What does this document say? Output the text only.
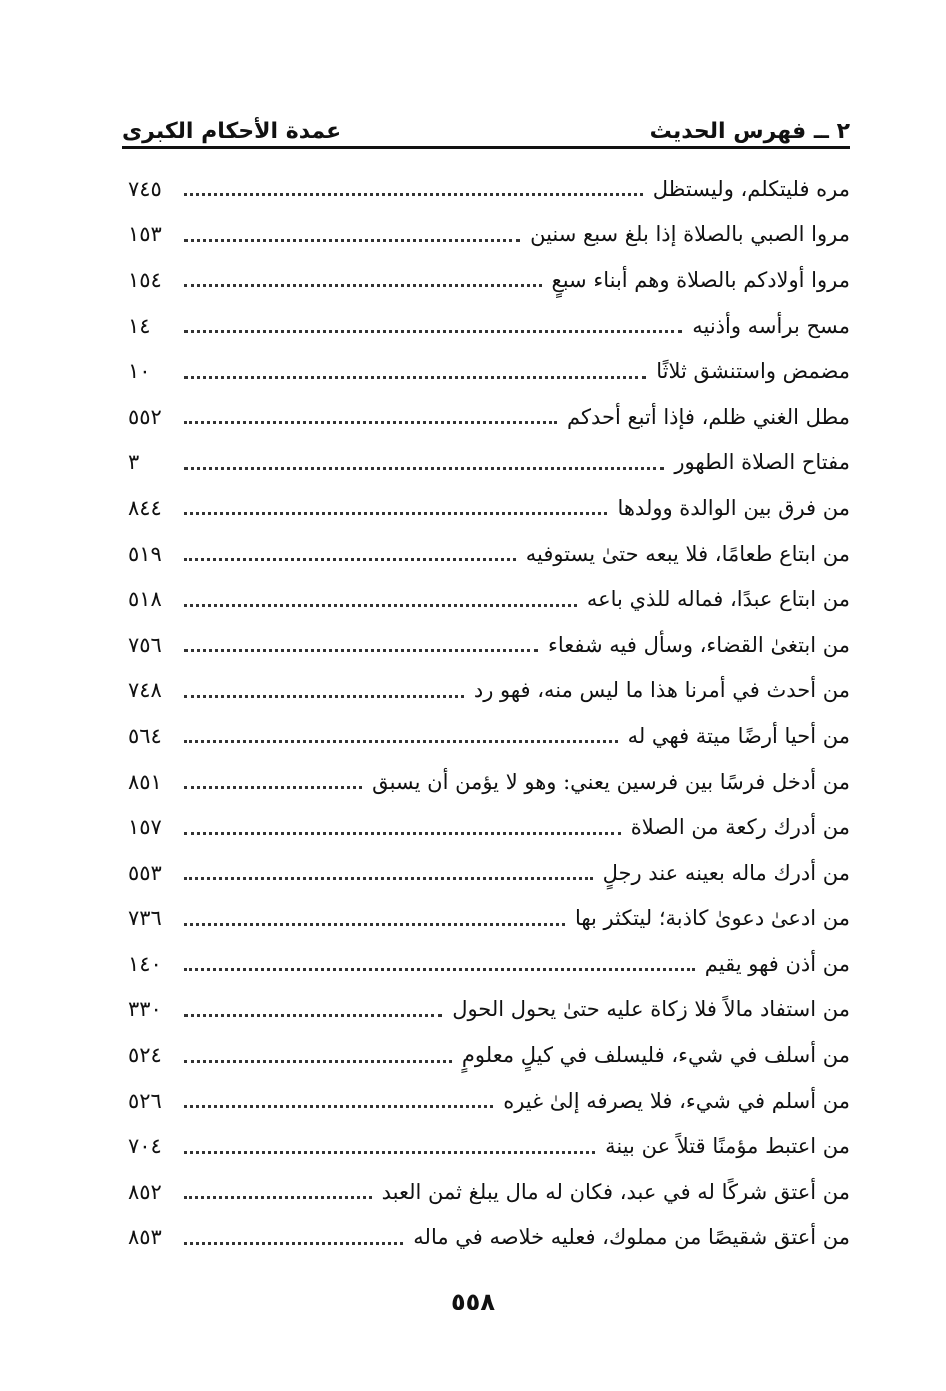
٢ ــ فهرس الحديث
عمدة الأحكام الكبرى
مره فليتكلم، وليستظل
٧٤٥
مروا الصبي بالصلاة إذا بلغ سبع سنين
١٥٣
مروا أولادكم بالصلاة وهم أبناء سبعٍ
١٥٤
مسح برأسه وأذنيه
١٤
مضمض واستنشق ثلاثًا
١٠
مطل الغني ظلم، فإذا أتبع أحدكم
٥٥٢
مفتاح الصلاة الطهور
٣
من فرق بين الوالدة وولدها
٨٤٤
من ابتاع طعامًا، فلا يبعه حتىٰ يستوفيه
٥١٩
من ابتاع عبدًا، فماله للذي باعه
٥١٨
من ابتغىٰ القضاء، وسأل فيه شفعاء
٧٥٦
من أحدث في أمرنا هذا ما ليس منه، فهو رد
٧٤٨
من أحيا أرضًا ميتة فهي له
٥٦٤
من أدخل فرسًا بين فرسين يعني: وهو لا يؤمن أن يسبق
٨٥١
من أدرك ركعة من الصلاة
١٥٧
من أدرك ماله بعينه عند رجلٍ
٥٥٣
من ادعىٰ دعوىٰ كاذبة؛ ليتكثر بها
٧٣٦
من أذن فهو يقيم
١٤٠
من استفاد مالاً فلا زكاة عليه حتىٰ يحول الحول
٣٣٠
من أسلف في شيء، فليسلف في كيلٍ معلومٍ
٥٢٤
من أسلم في شيء، فلا يصرفه إلىٰ غيره
٥٢٦
من اعتبط مؤمنًا قتلاً عن بينة
٧٠٤
من أعتق شركًا له في عبد، فكان له مال يبلغ ثمن العبد
٨٥٢
من أعتق شقيصًا من مملوك، فعليه خلاصه في ماله
٨٥٣
٥٥٨
